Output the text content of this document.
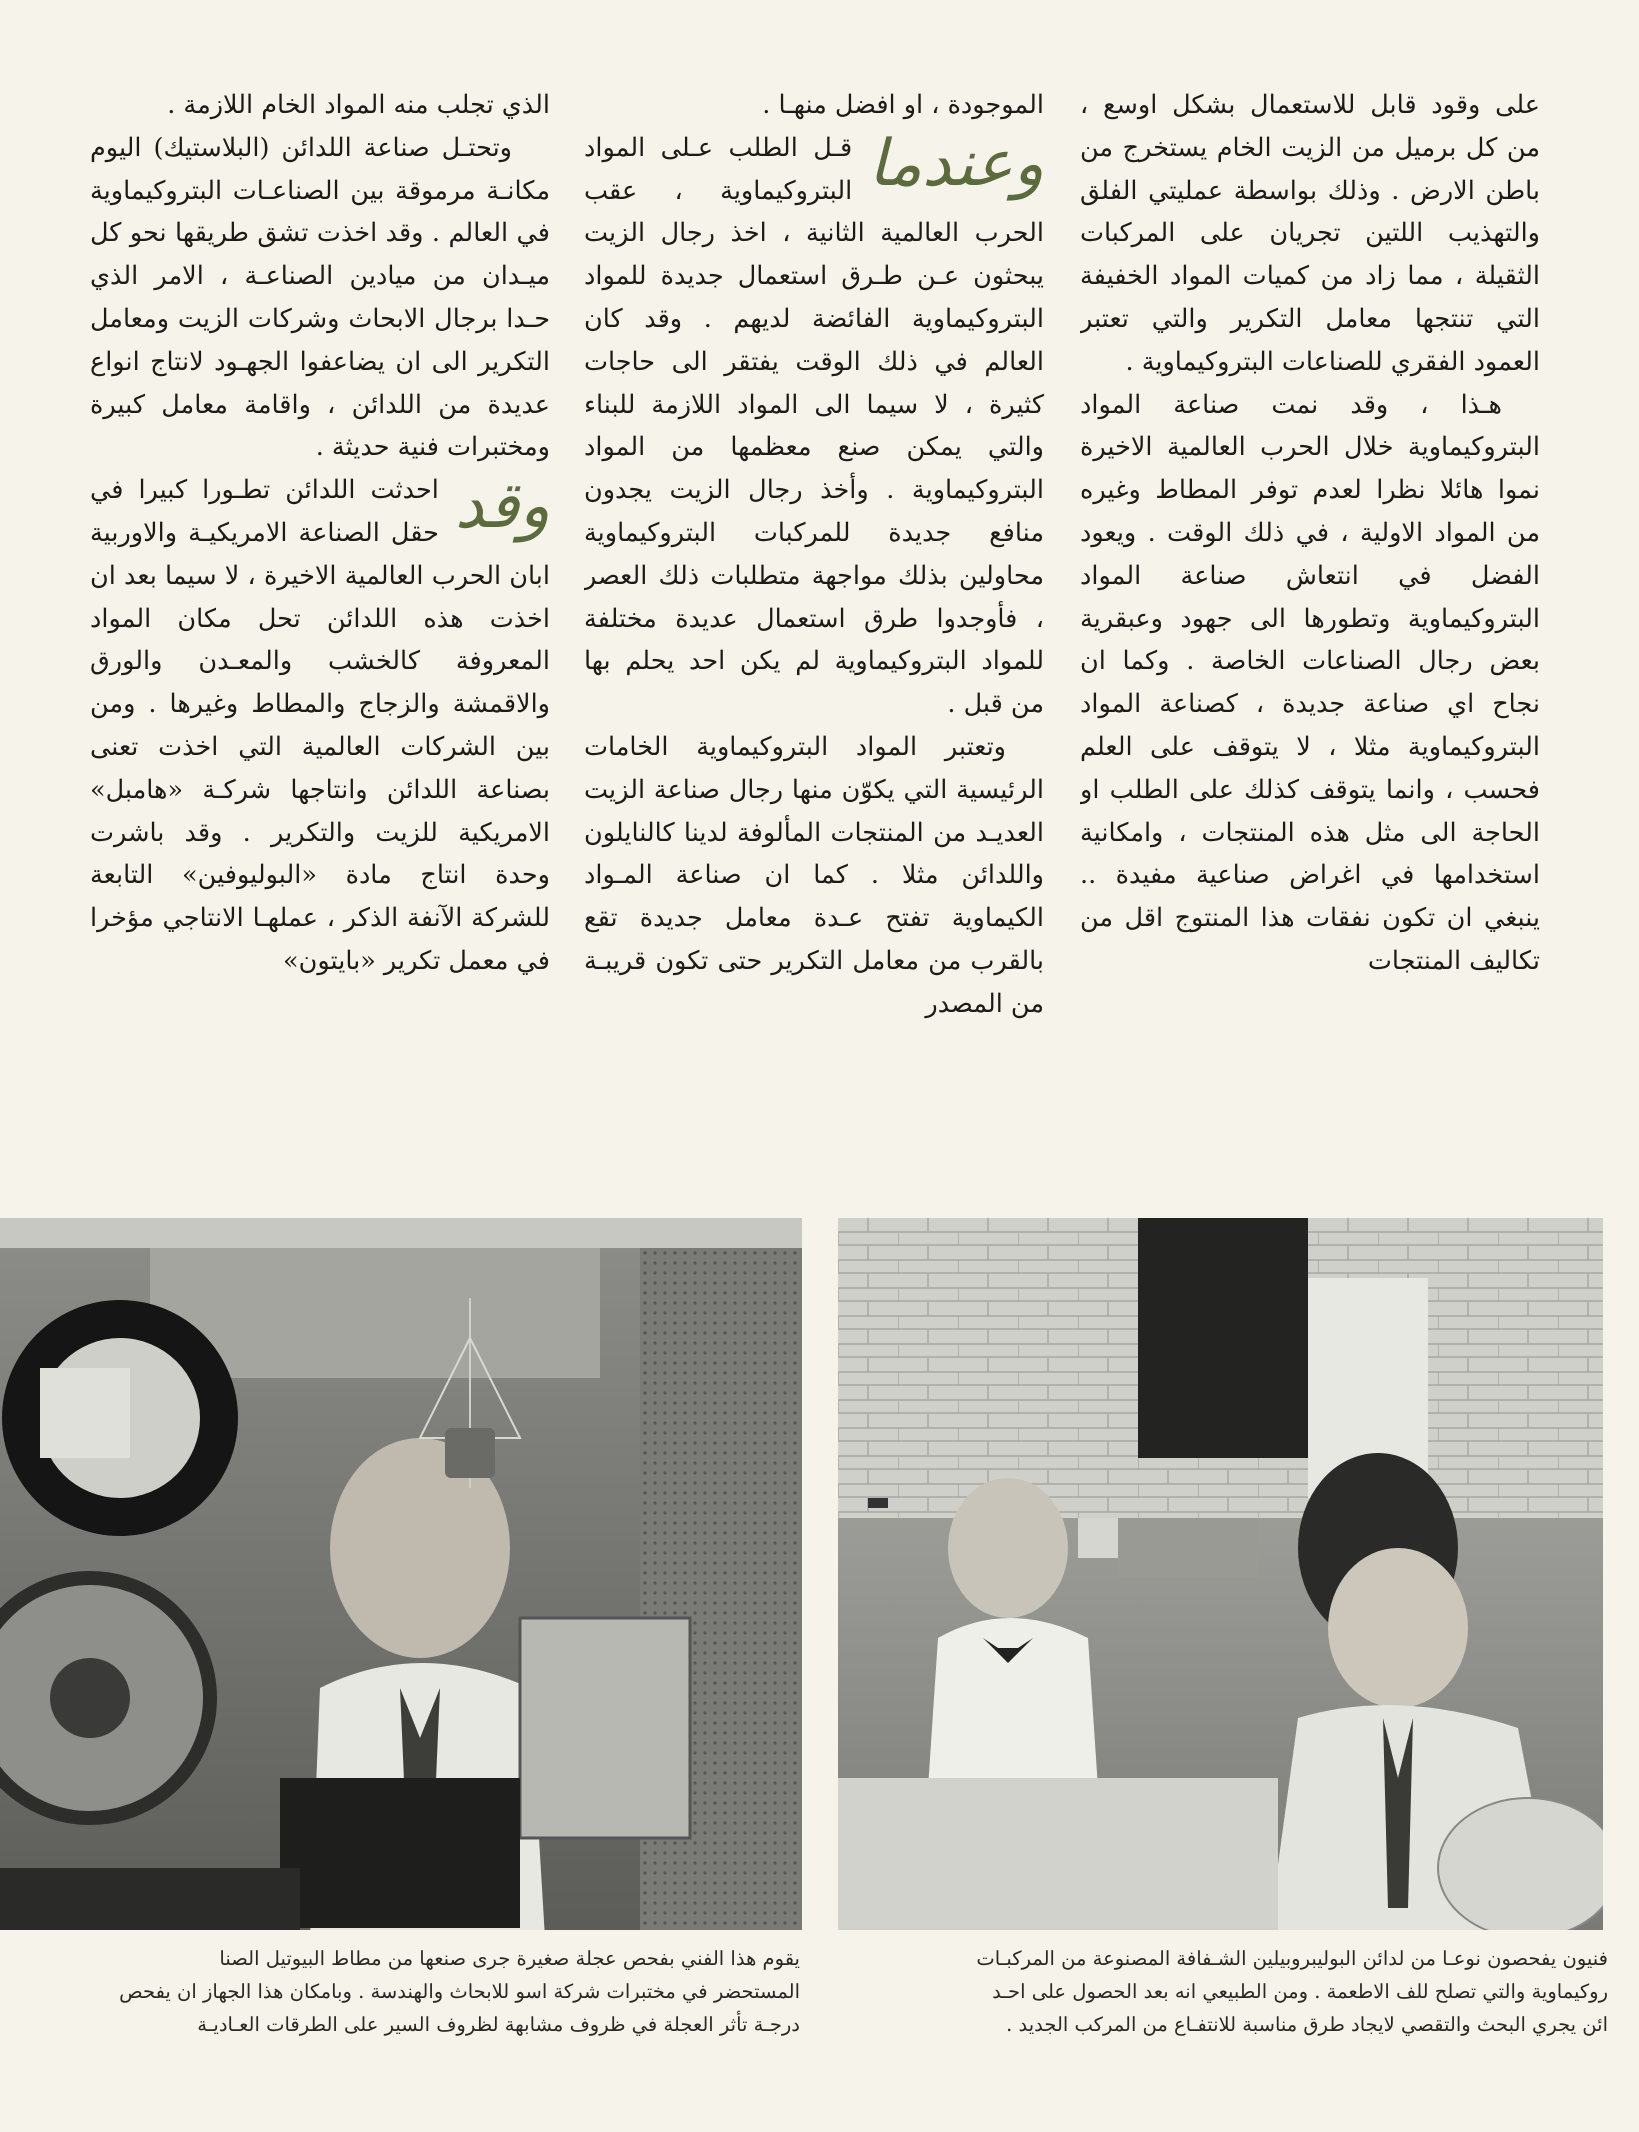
على وقود قابل للاستعمال بشكل اوسع ، من كل برميل من الزيت الخام يستخرج من باطن الارض . وذلك بواسطة عمليتي الفلق والتهذيب اللتين تجريان على المركبات الثقيلة ، مما زاد من كميات المواد الخفيفة التي تنتجها معامل التكرير والتي تعتبر العمود الفقري للصناعات البتروكيماوية .

هـذا ، وقد نمت صناعة المواد البتروكيماوية خلال الحرب العالمية الاخيرة نموا هائلا نظرا لعدم توفر المطاط وغيره من المواد الاولية ، في ذلك الوقت . ويعود الفضل في انتعاش صناعة المواد البتروكيماوية وتطورها الى جهود وعبقرية بعض رجال الصناعات الخاصة . وكما ان نجاح اي صناعة جديدة ، كصناعة المواد البتروكيماوية مثلا ، لا يتوقف على العلم فحسب ، وانما يتوقف كذلك على الطلب او الحاجة الى مثل هذه المنتجات ، وامكانية استخدامها في اغراض صناعية مفيدة .. ينبغي ان تكون نفقات هذا المنتوج اقل من تكاليف المنتجات

الموجودة ، او افضل منهـا .

وعندما
قـل الطلب عـلى المواد البتروكيماوية ، عقب الحرب العالمية الثانية ، اخذ رجال الزيت يبحثون عـن طـرق استعمال جديدة للمواد البتروكيماوية الفائضة لديهم . وقد كان العالم في ذلك الوقت يفتقر الى حاجات كثيرة ، لا سيما الى المواد اللازمة للبناء والتي يمكن صنع معظمها من المواد البتروكيماوية . وأخذ رجال الزيت يجدون منافع جديدة للمركبات البتروكيماوية محاولين بذلك مواجهة متطلبات ذلك العصر ، فأوجدوا طرق استعمال عديدة مختلفة للمواد البتروكيماوية لم يكن احد يحلم بها من قبل .

وتعتبر المواد البتروكيماوية الخامات الرئيسية التي يكوّن منها رجال صناعة الزيت العديـد من المنتجات المألوفة لدينا كالنايلون واللدائن مثلا . كما ان صناعة المـواد الكيماوية تفتح عـدة معامل جديدة تقع بالقرب من معامل التكرير حتى تكون قريبـة من المصدر

الذي تجلب منه المواد الخام اللازمة .

وتحتـل صناعة اللدائن (البلاستيك) اليوم مكانـة مرموقة بين الصناعـات البتروكيماوية في العالم . وقد اخذت تشق طريقها نحو كل ميـدان من ميادين الصناعـة ، الامر الذي حـدا برجال الابحاث وشركات الزيت ومعامل التكرير الى ان يضاعفوا الجهـود لانتاج انواع عديدة من اللدائن ، واقامة معامل كبيرة ومختبرات فنية حديثة .

وقد
احدثت اللدائن تطـورا كبيرا في حقل الصناعة الامريكيـة والاوربية ابان الحرب العالمية الاخيرة ، لا سيما بعد ان اخذت هذه اللدائن تحل مكان المواد المعروفة كالخشب والمعـدن والورق والاقمشة والزجاج والمطاط وغيرها . ومن بين الشركات العالمية التي اخذت تعنى بصناعة اللدائن وانتاجها شركـة «هامبل» الامريكية للزيت والتكرير . وقد باشرت وحدة انتاج مادة «البوليوفين» التابعة للشركة الآنفة الذكر ، عملهـا الانتاجي مؤخرا في معمل تكرير «بايتون»

يقوم هذا الفني بفحص عجلة صغيرة جرى صنعها من مطاط البيوتيل الصنا
المستحضر في مختبرات شركة اسو للابحاث والهندسة . وبامكان هذا الجهاز ان يفحص
درجـة تأثر العجلة في ظروف مشابهة لظروف السير على الطرقات العـاديـة
فنيون يفحصون نوعـا من لدائن البوليبروبيلين الشـفافة المصنوعة من المركبـات
روكيماوية والتي تصلح للف الاطعمة . ومن الطبيعي انه بعد الحصول على احـد
ائن يجري البحث والتقصي لايجاد طرق مناسبة للانتفـاع من المركب الجديد .
